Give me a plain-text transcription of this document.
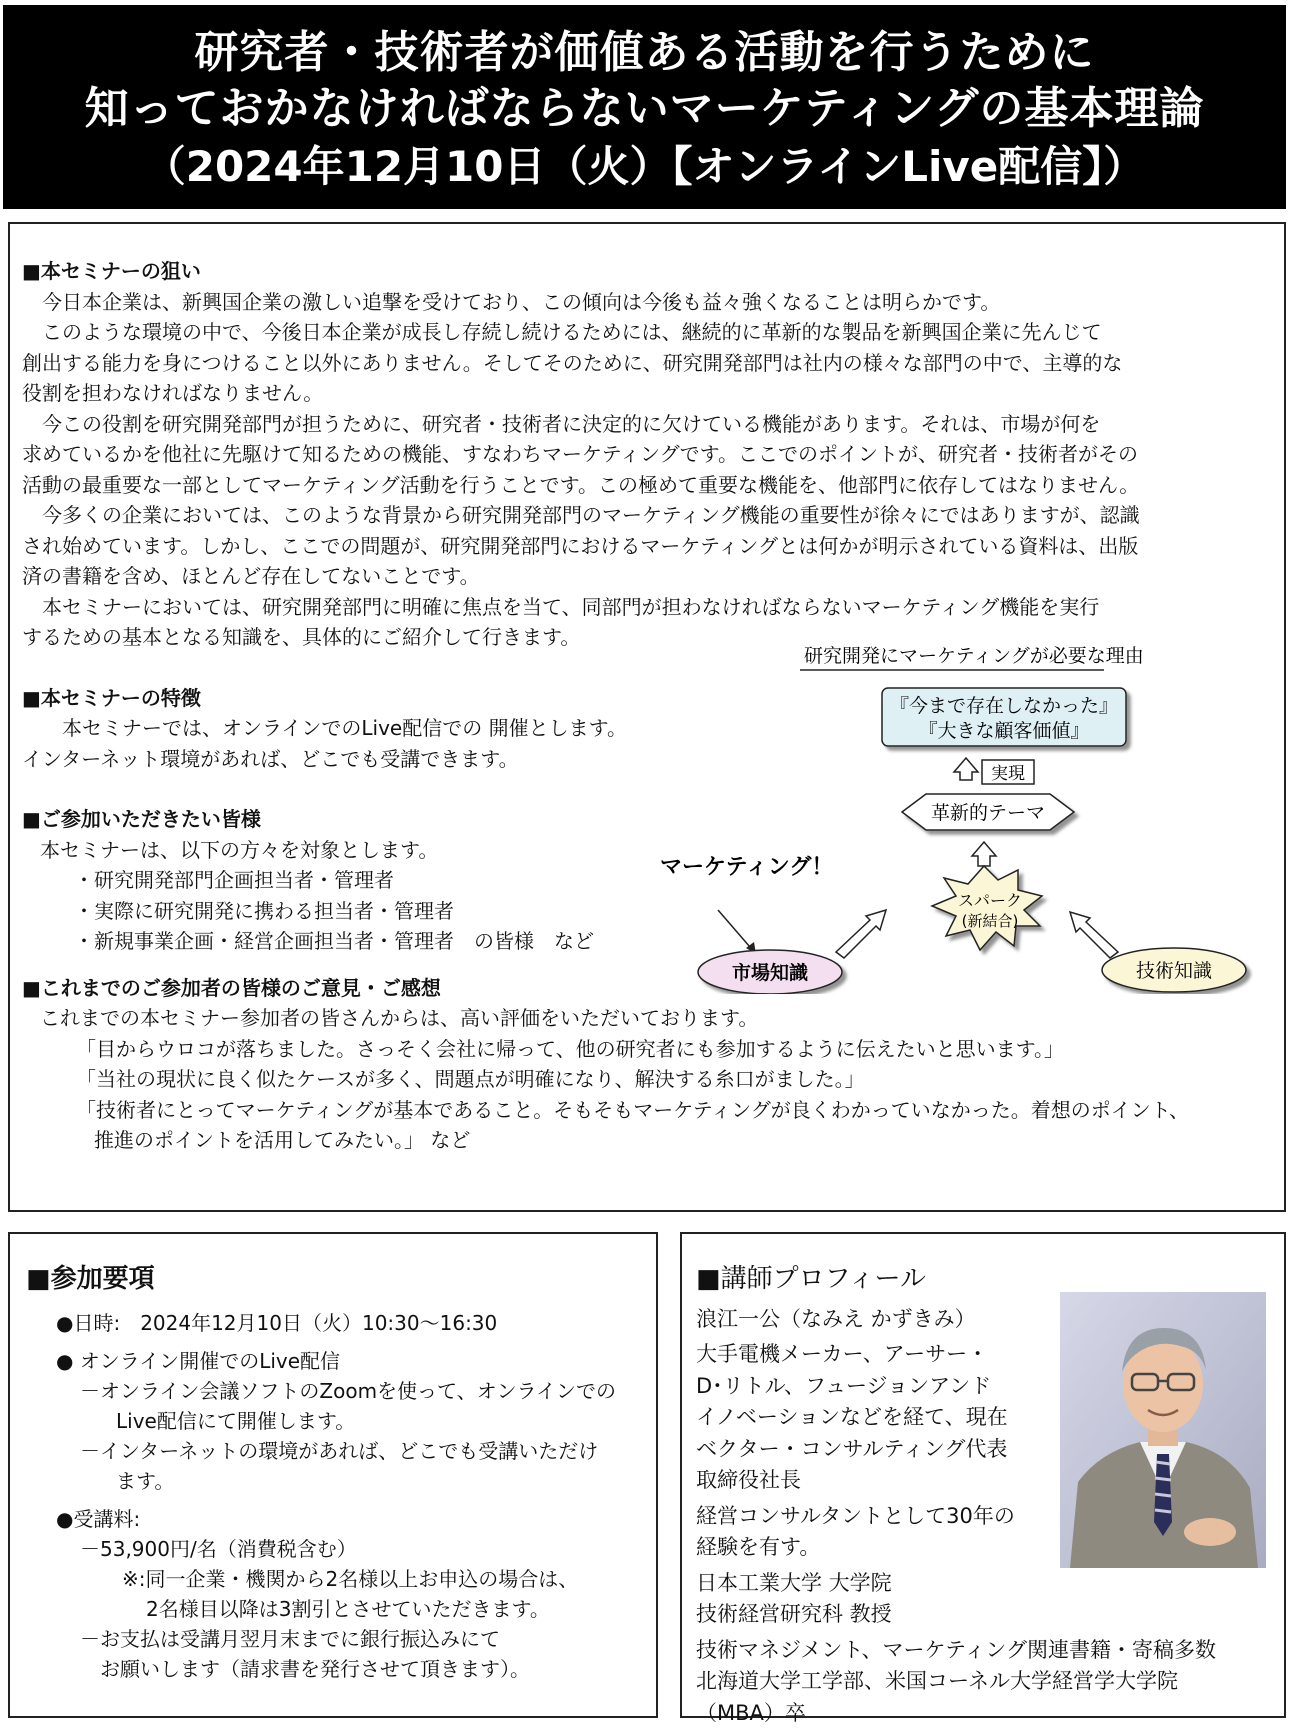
研究者・技術者が価値ある活動を行うために
知っておかなければならないマーケティングの基本理論
（2024年12月10日（火）【オンラインLive配信】）

■本セミナーの狙い

　今日本企業は、新興国企業の激しい追撃を受けており、この傾向は今後も益々強くなることは明らかです。

　このような環境の中で、今後日本企業が成長し存続し続けるためには、継続的に革新的な製品を新興国企業に先んじて

創出する能力を身につけること以外にありません。そしてそのために、研究開発部門は社内の様々な部門の中で、主導的な

役割を担わなければなりません。

　今この役割を研究開発部門が担うために、研究者・技術者に決定的に欠けている機能があります。それは、市場が何を

求めているかを他社に先駆けて知るための機能、すなわちマーケティングです。ここでのポイントが、研究者・技術者がその

活動の最重要な一部としてマーケティング活動を行うことです。この極めて重要な機能を、他部門に依存してはなりません。

　今多くの企業においては、このような背景から研究開発部門のマーケティング機能の重要性が徐々にではありますが、認識

され始めています。しかし、ここでの問題が、研究開発部門におけるマーケティングとは何かが明示されている資料は、出版

済の書籍を含め、ほとんど存在してないことです。

　本セミナーにおいては、研究開発部門に明確に焦点を当て、同部門が担わなければならないマーケティング機能を実行

するための基本となる知識を、具体的にご紹介して行きます。

■本セミナーの特徴

　　本セミナーでは、オンラインでのLive配信での 開催とします。

インターネット環境があれば、どこでも受講できます。

■ご参加いただきたい皆様

本セミナーは、以下の方々を対象とします。

・研究開発部門企画担当者・管理者

・実際に研究開発に携わる担当者・管理者

・新規事業企画・経営企画担当者・管理者　の皆様　など

■これまでのご参加者の皆様のご意見・ご感想

これまでの本セミナー参加者の皆さんからは、高い評価をいただいております。

「目からウロコが落ちました。さっそく会社に帰って、他の研究者にも参加するように伝えたいと思います。」

「当社の現状に良く似たケースが多く、問題点が明確になり、解決する糸口がました。」

「技術者にとってマーケティングが基本であること。そもそもマーケティングが良くわかっていなかった。着想のポイント、

推進のポイントを活用してみたい。」 など

研究開発にマーケティングが必要な理由
『今まで存在しなかった』
『大きな顧客価値』
実現
革新的テーマ
マーケティング！
スパーク
(新結合)
市場知識	技術知識

■参加要項

●日時:　2024年12月10日（火）10:30〜16:30

● オンライン開催でのLive配信

－オンライン会議ソフトのZoomを使って、オンラインでの

Live配信にて開催します。

－インターネットの環境があれば、どこでも受講いただけ

ます。

●受講料:

－53,900円/名（消費税含む）

※:同一企業・機関から2名様以上お申込の場合は、

2名様目以降は3割引とさせていただきます。

－お支払は受講月翌月末までに銀行振込みにて

お願いします（請求書を発行させて頂きます）。

■講師プロフィール

浪江一公（なみえ かずきみ）

大手電機メーカー、アーサー・

D･リトル、フュージョンアンド

イノベーションなどを経て、現在

ベクター・コンサルティング代表

取締役社長

経営コンサルタントとして30年の

経験を有す。

日本工業大学 大学院

技術経営研究科 教授

技術マネジメント、マーケティング関連書籍・寄稿多数

北海道大学工学部、米国コーネル大学経営学大学院

（MBA）卒
